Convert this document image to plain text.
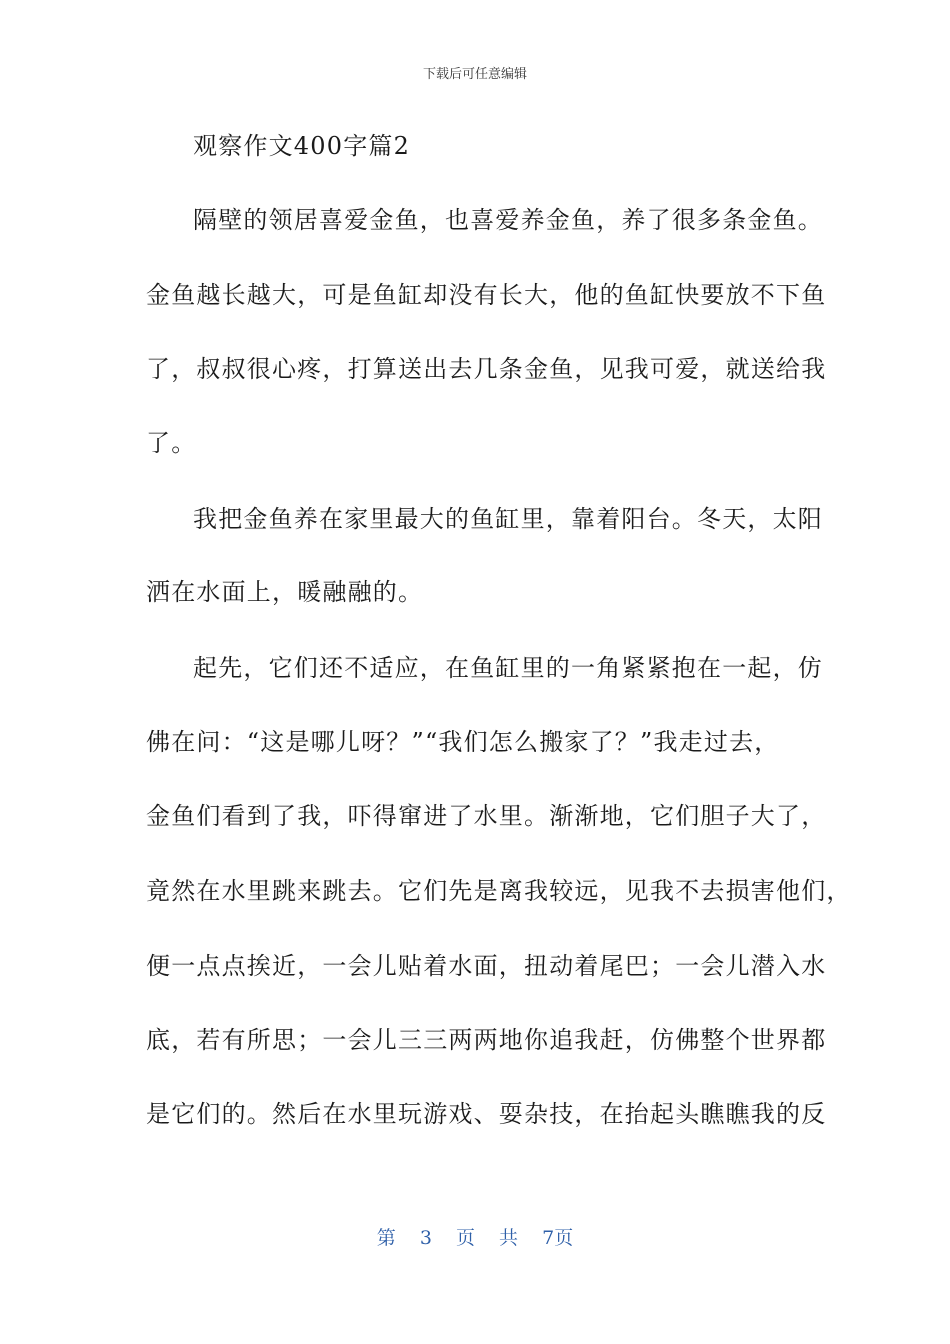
下载后可任意编辑
观察作文400字篇2
隔壁的领居喜爱金鱼，也喜爱养金鱼，养了很多条金鱼。
金鱼越长越大，可是鱼缸却没有长大，他的鱼缸快要放不下鱼
了，叔叔很心疼，打算送出去几条金鱼，见我可爱，就送给我
了。
我把金鱼养在家里最大的鱼缸里，靠着阳台。冬天，太阳
洒在水面上，暖融融的。
起先，它们还不适应，在鱼缸里的一角紧紧抱在一起，仿
佛在问：“这是哪儿呀？”“我们怎么搬家了？”我走过去，
金鱼们看到了我，吓得窜进了水里。渐渐地，它们胆子大了，
竟然在水里跳来跳去。它们先是离我较远，见我不去损害他们，
便一点点挨近，一会儿贴着水面，扭动着尾巴；一会儿潜入水
底，若有所思；一会儿三三两两地你追我赶，仿佛整个世界都
是它们的。然后在水里玩游戏、耍杂技，在抬起头瞧瞧我的反
第 3 页 共 7页
